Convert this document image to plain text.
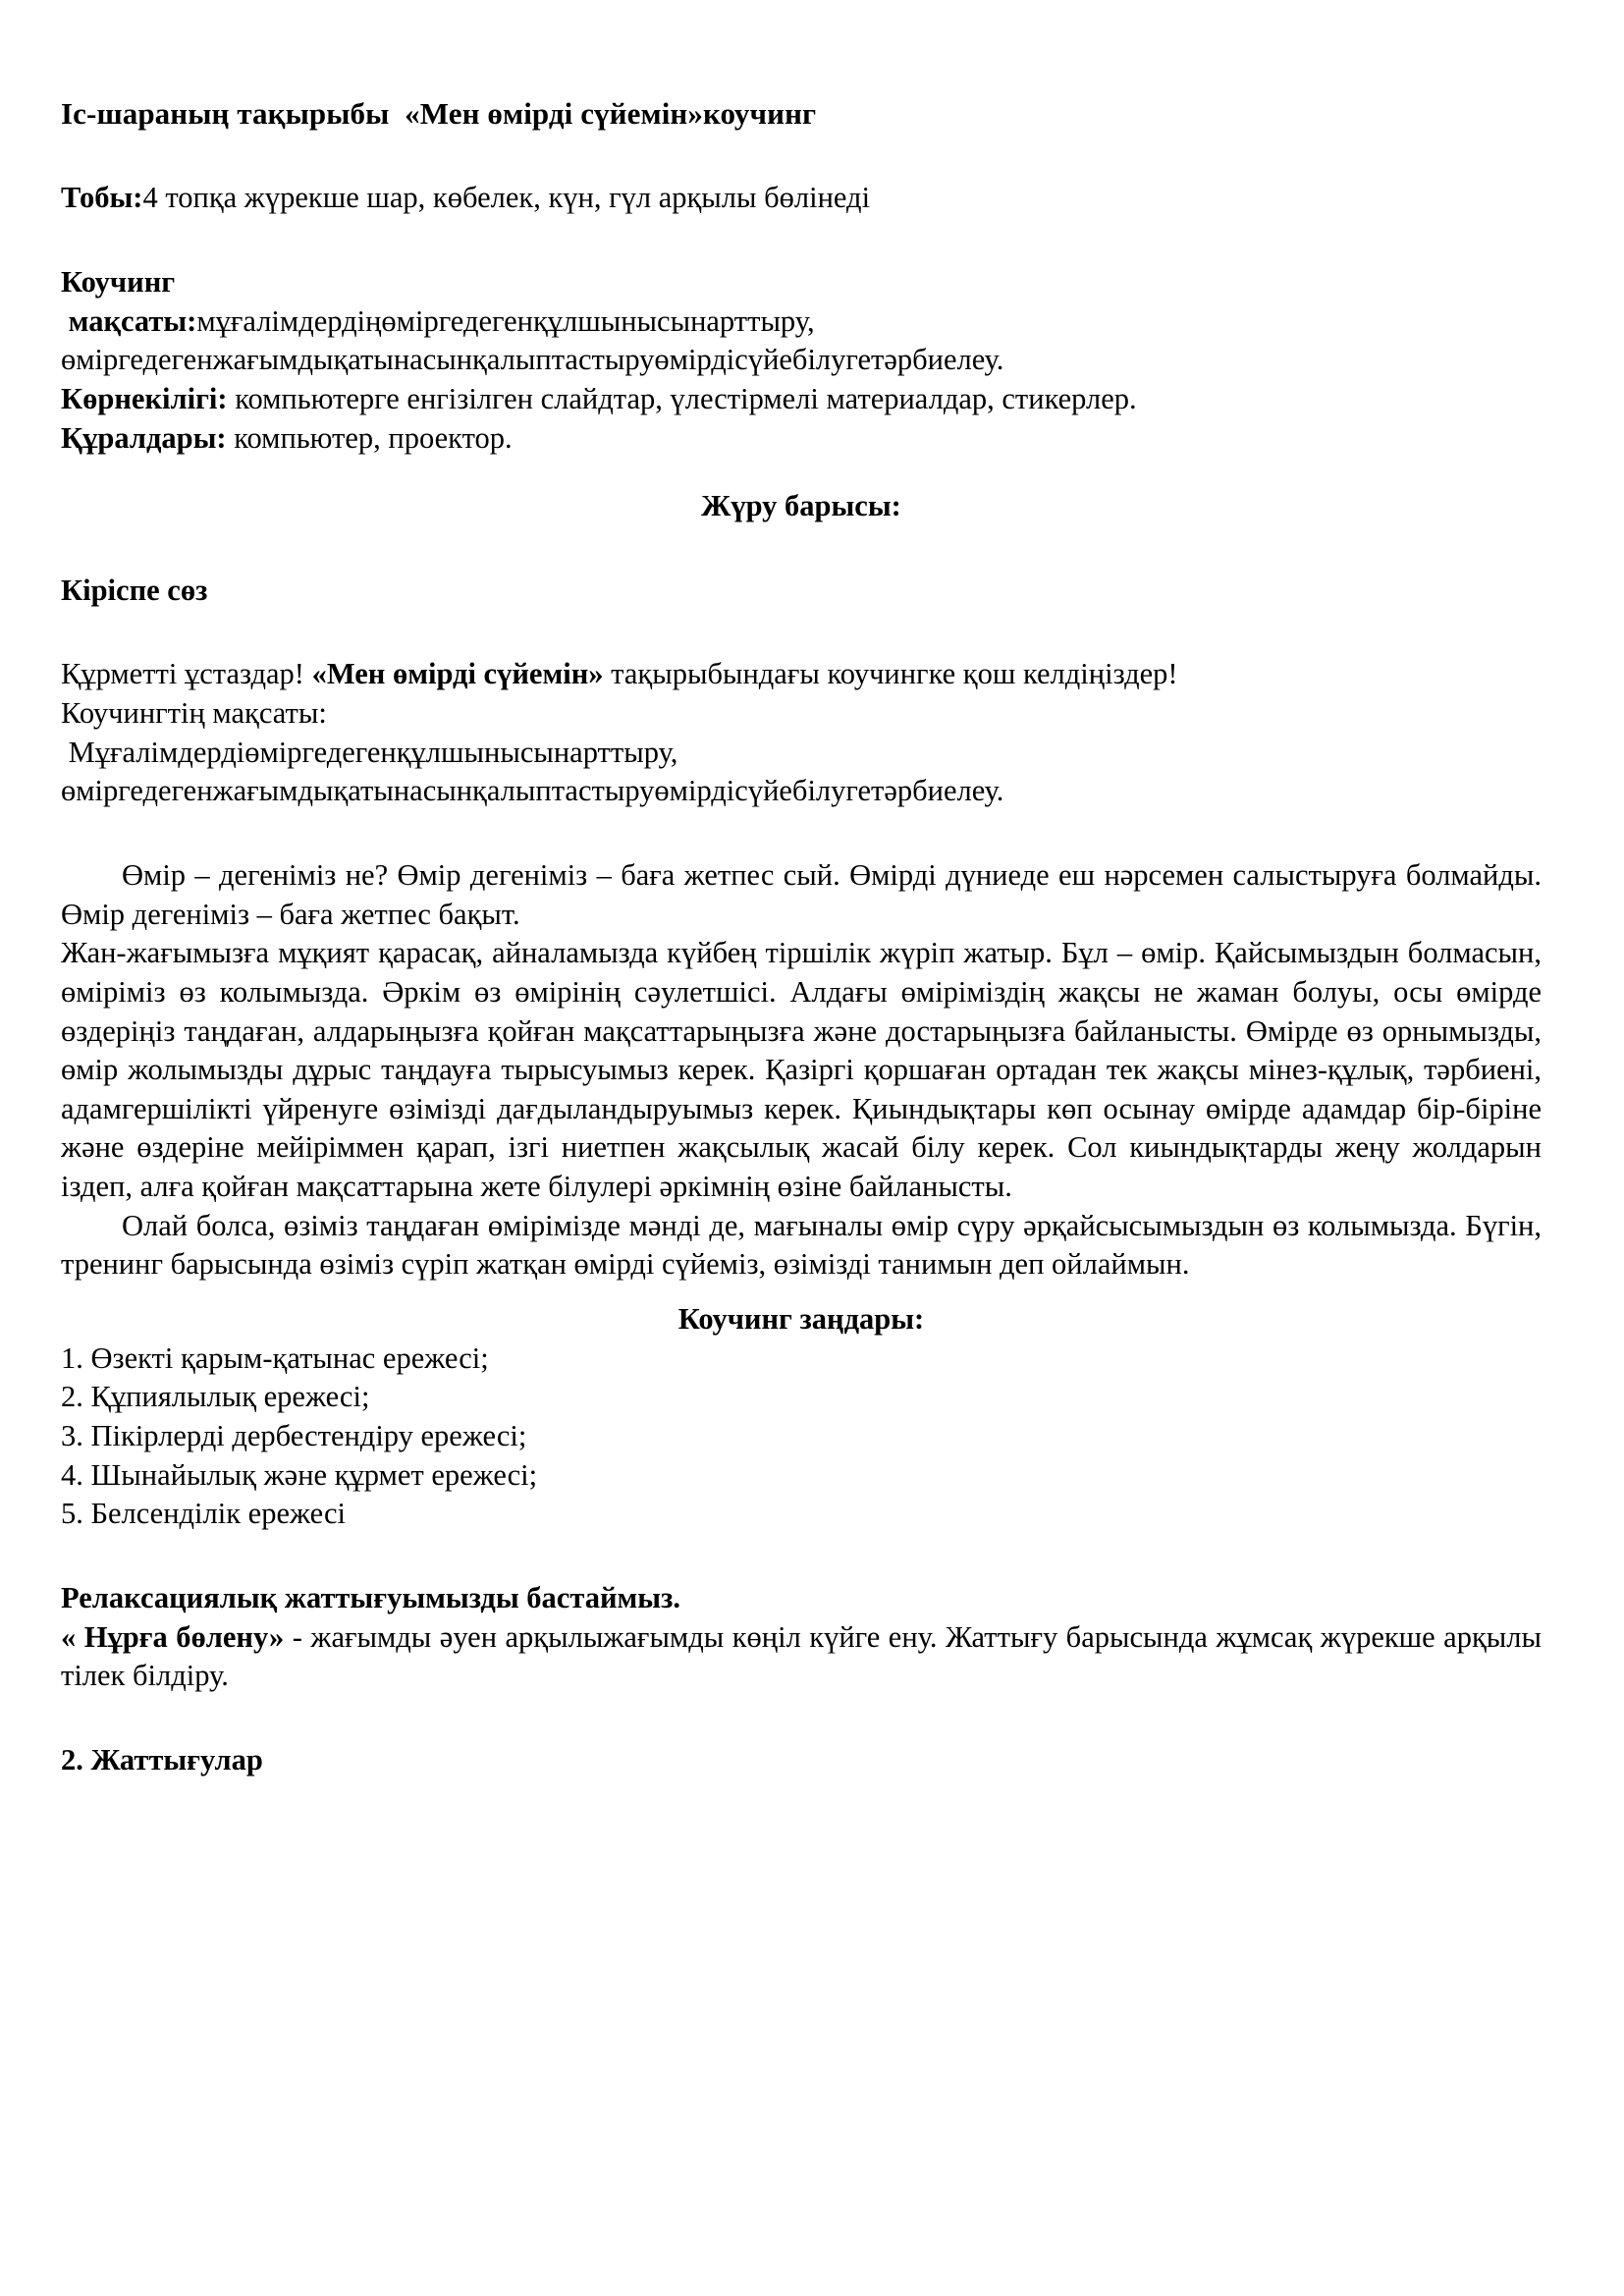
Іс-шараның тақырыбы  «Мен өмірді сүйемін»коучинг

Тобы:4 топқа жүрекше шар, көбелек, күн, гүл арқылы бөлінеді

Коучинг

мақсаты:мұғалімдердіңөміргедегенқұлшынысынарттыру,

өміргедегенжағымдықатынасынқалыптастыруөмірдісүйебілугетәрбиелеу.

Көрнекілігі: компьютерге енгізілген слайдтар, үлестірмелі материалдар, стикерлер.

Құралдары: компьютер, проектор.

Жүру барысы:

Кіріспе сөз

Құрметті ұстаздар! «Мен өмірді сүйемін» тақырыбындағы коучингке қош келдіңіздер!

Коучингтің мақсаты:

Мұғалімдердіөміргедегенқұлшынысынарттыру,

өміргедегенжағымдықатынасынқалыптастыруөмірдісүйебілугетәрбиелеу.

Өмір – дегеніміз не? Өмір дегеніміз – баға жетпес сый. Өмірді дүниеде еш нәрсемен салыстыруға болмайды. Өмір дегеніміз – баға жетпес бақыт.

Жан-жағымызға мұқият қарасақ, айналамызда күйбең тіршілік жүріп жатыр. Бұл – өмір. Қайсымыздын болмасын, өміріміз өз колымызда. Әркім өз өмірінің сәулетшісі. Алдағы өміріміздің жақсы не жаман болуы, осы өмірде өздеріңіз таңдаған, алдарыңызға қойған мақсаттарыңызға және достарыңызға байланысты. Өмірде өз орнымызды, өмір жолымызды дұрыс таңдауға тырысуымыз керек. Қазіргі қоршаған ортадан тек жақсы мінез-құлық, тәрбиені, адамгершілікті үйренуге өзімізді дағдыландыруымыз керек. Қиындықтары көп осынау өмірде адамдар бір-біріне және өздеріне мейіріммен қарап, ізгі ниетпен жақсылық жасай білу керек. Сол киындықтарды жеңу жолдарын іздеп, алға қойған мақсаттарына жете білулері әркімнің өзіне байланысты.

Олай болса, өзіміз таңдаған өмірімізде мәнді де, мағыналы өмір сүру әрқайсысымыздын өз колымызда. Бүгін, тренинг барысында өзіміз сүріп жатқан өмірді сүйеміз, өзімізді танимын деп ойлаймын.

Коучинг заңдары:

1. Өзекті қарым-қатынас ережесі;
2. Құпиялылық ережесі;
3. Пікірлерді дербестендіру ережесі;
4. Шынайылық және құрмет ережесі;
5. Белсенділік ережесі

Релаксациялық жаттығуымызды бастаймыз.

« Нұрға бөлену» - жағымды әуен арқылыжағымды көңіл күйге ену. Жаттығу барысында жұмсақ жүрекше арқылы тілек білдіру.

2. Жаттығулар
